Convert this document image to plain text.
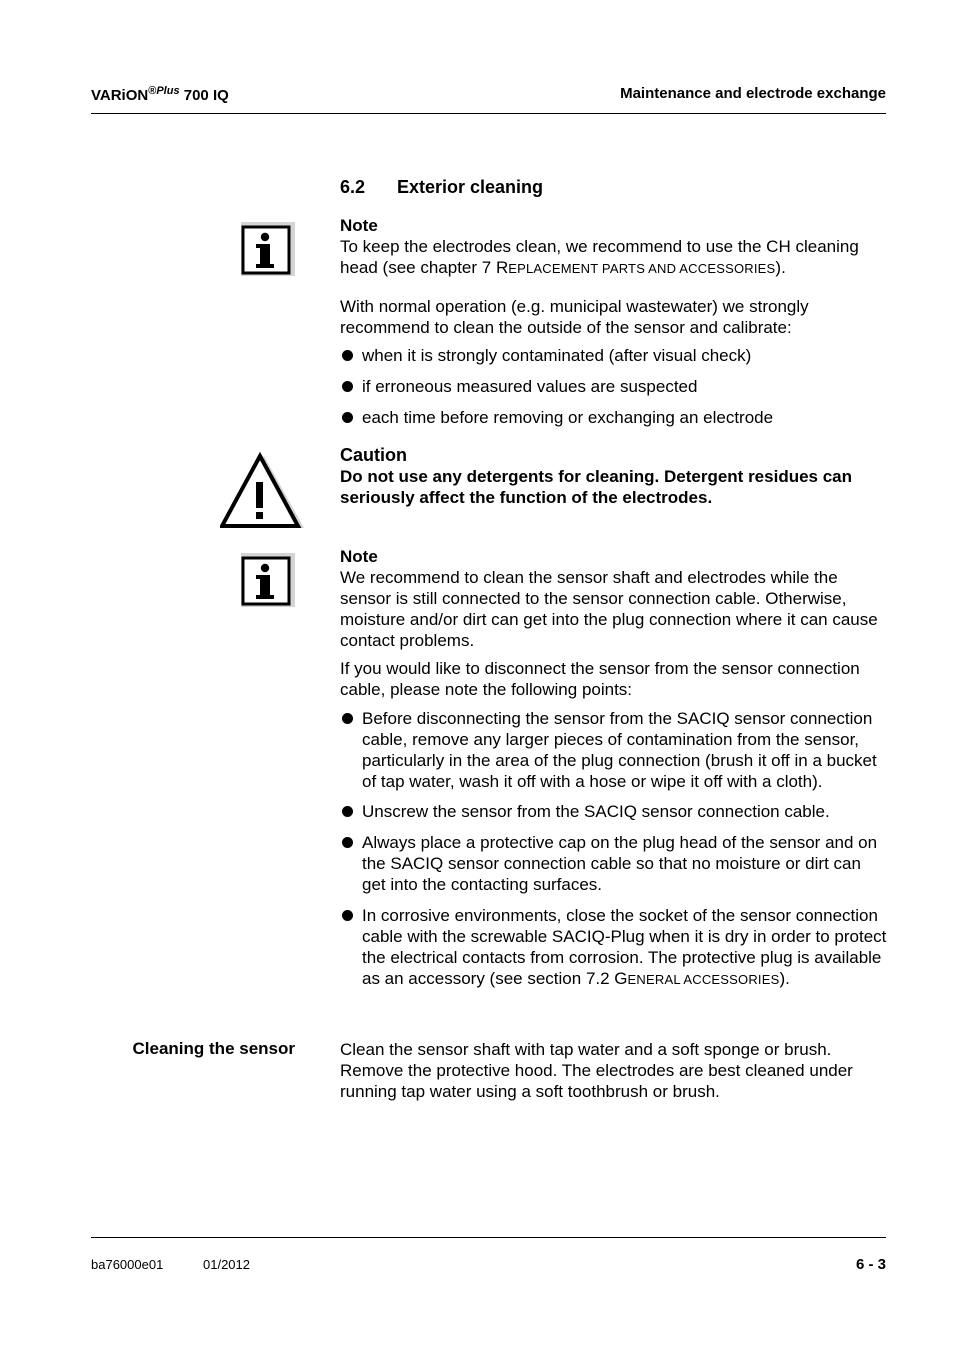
VARiON$^{®Plus}$ 700 IQ	Maintenance and electrode exchange
6.2 Exterior cleaning
Note
To keep the electrodes clean, we recommend to use the CH cleaning head (see chapter 7 REPLACEMENT PARTS AND ACCESSORIES).
With normal operation (e.g. municipal wastewater) we strongly recommend to clean the outside of the sensor and calibrate:
when it is strongly contaminated (after visual check)
if erroneous measured values are suspected
each time before removing or exchanging an electrode
Caution
Do not use any detergents for cleaning. Detergent residues can seriously affect the function of the electrodes.
Note
We recommend to clean the sensor shaft and electrodes while the sensor is still connected to the sensor connection cable. Otherwise, moisture and/or dirt can get into the plug connection where it can cause contact problems.
If you would like to disconnect the sensor from the sensor connection cable, please note the following points:
Before disconnecting the sensor from the SACIQ sensor connection cable, remove any larger pieces of contamination from the sensor, particularly in the area of the plug connection (brush it off in a bucket of tap water, wash it off with a hose or wipe it off with a cloth).
Unscrew the sensor from the SACIQ sensor connection cable.
Always place a protective cap on the plug head of the sensor and on the SACIQ sensor connection cable so that no moisture or dirt can get into the contacting surfaces.
In corrosive environments, close the socket of the sensor connection cable with the screwable SACIQ-Plug when it is dry in order to protect the electrical contacts from corrosion. The protective plug is available as an accessory (see section 7.2 GENERAL ACCESSORIES).
Cleaning the sensor	Clean the sensor shaft with tap water and a soft sponge or brush. Remove the protective hood. The electrodes are best cleaned under running tap water using a soft toothbrush or brush.
ba76000e01	01/2012	6 - 3
